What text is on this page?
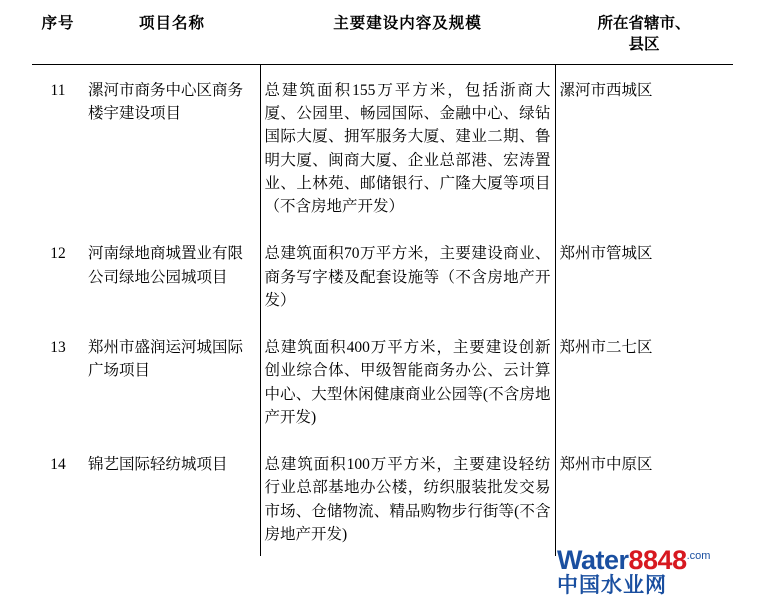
序号	项目名称	主要建设内容及规模	所在省辖市、
县区

11	漯河市商务中心区商务楼宇建设项目	总建筑面积155万平方米，包括浙商大厦、公园里、畅园国际、金融中心、绿钻国际大厦、拥军服务大厦、建业二期、鲁明大厦、闽商大厦、企业总部港、宏涛置业、上林苑、邮储银行、广隆大厦等项目（不含房地产开发）	漯河市西城区
12	河南绿地商城置业有限公司绿地公园城项目	总建筑面积70万平方米，主要建设商业、商务写字楼及配套设施等（不含房地产开发）	郑州市管城区
13	郑州市盛润运河城国际广场项目	总建筑面积400万平方米，主要建设创新创业综合体、甲级智能商务办公、云计算中心、大型休闲健康商业公园等(不含房地产开发)	郑州市二七区
14	锦艺国际轻纺城项目	总建筑面积100万平方米，主要建设轻纺行业总部基地办公楼，纺织服装批发交易市场、仓储物流、精品购物步行街等(不含房地产开发)	郑州市中原区
$Water8848^{.com}$
中国水业网
